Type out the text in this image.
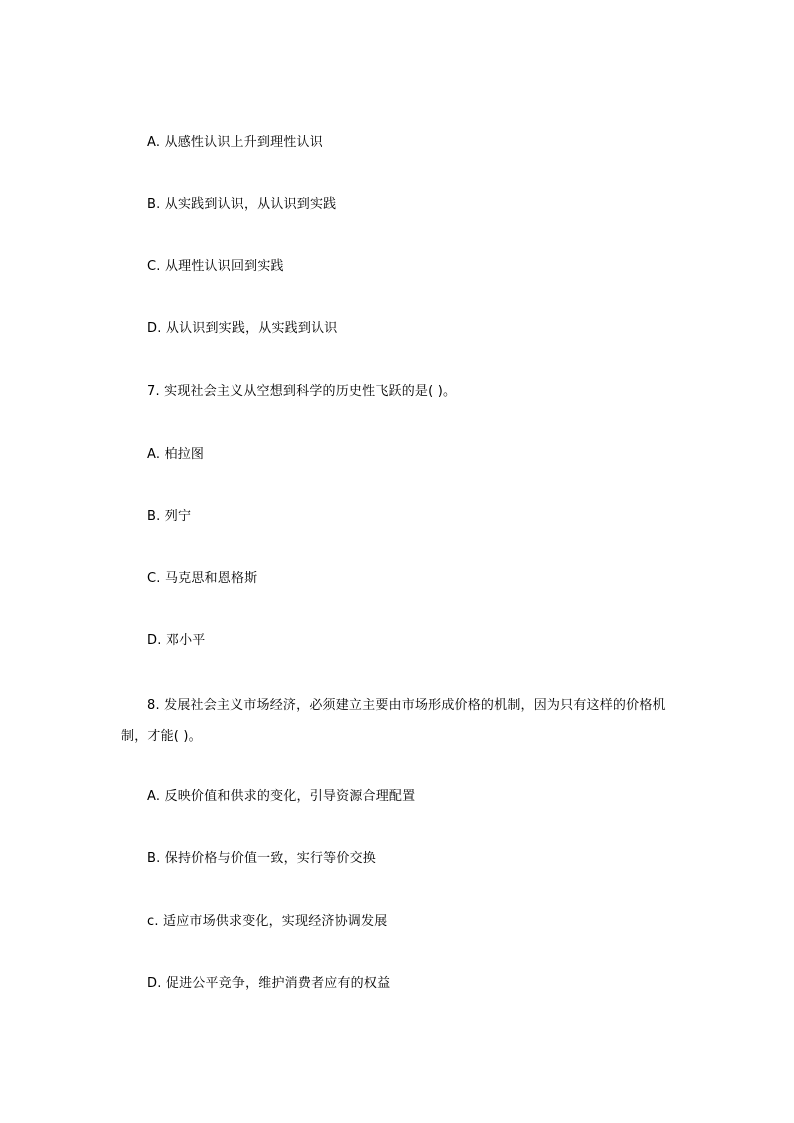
A. 从感性认识上升到理性认识
B. 从实践到认识，从认识到实践
C. 从理性认识回到实践
D. 从认识到实践，从实践到认识
7. 实现社会主义从空想到科学的历史性飞跃的是( )。
A. 柏拉图
B. 列宁
C. 马克思和恩格斯
D. 邓小平
8. 发展社会主义市场经济，必须建立主要由市场形成价格的机制，因为只有这样的价格机制，才能( )。
A. 反映价值和供求的变化，引导资源合理配置
B. 保持价格与价值一致，实行等价交换
c. 适应市场供求变化，实现经济协调发展
D. 促进公平竞争，维护消费者应有的权益
